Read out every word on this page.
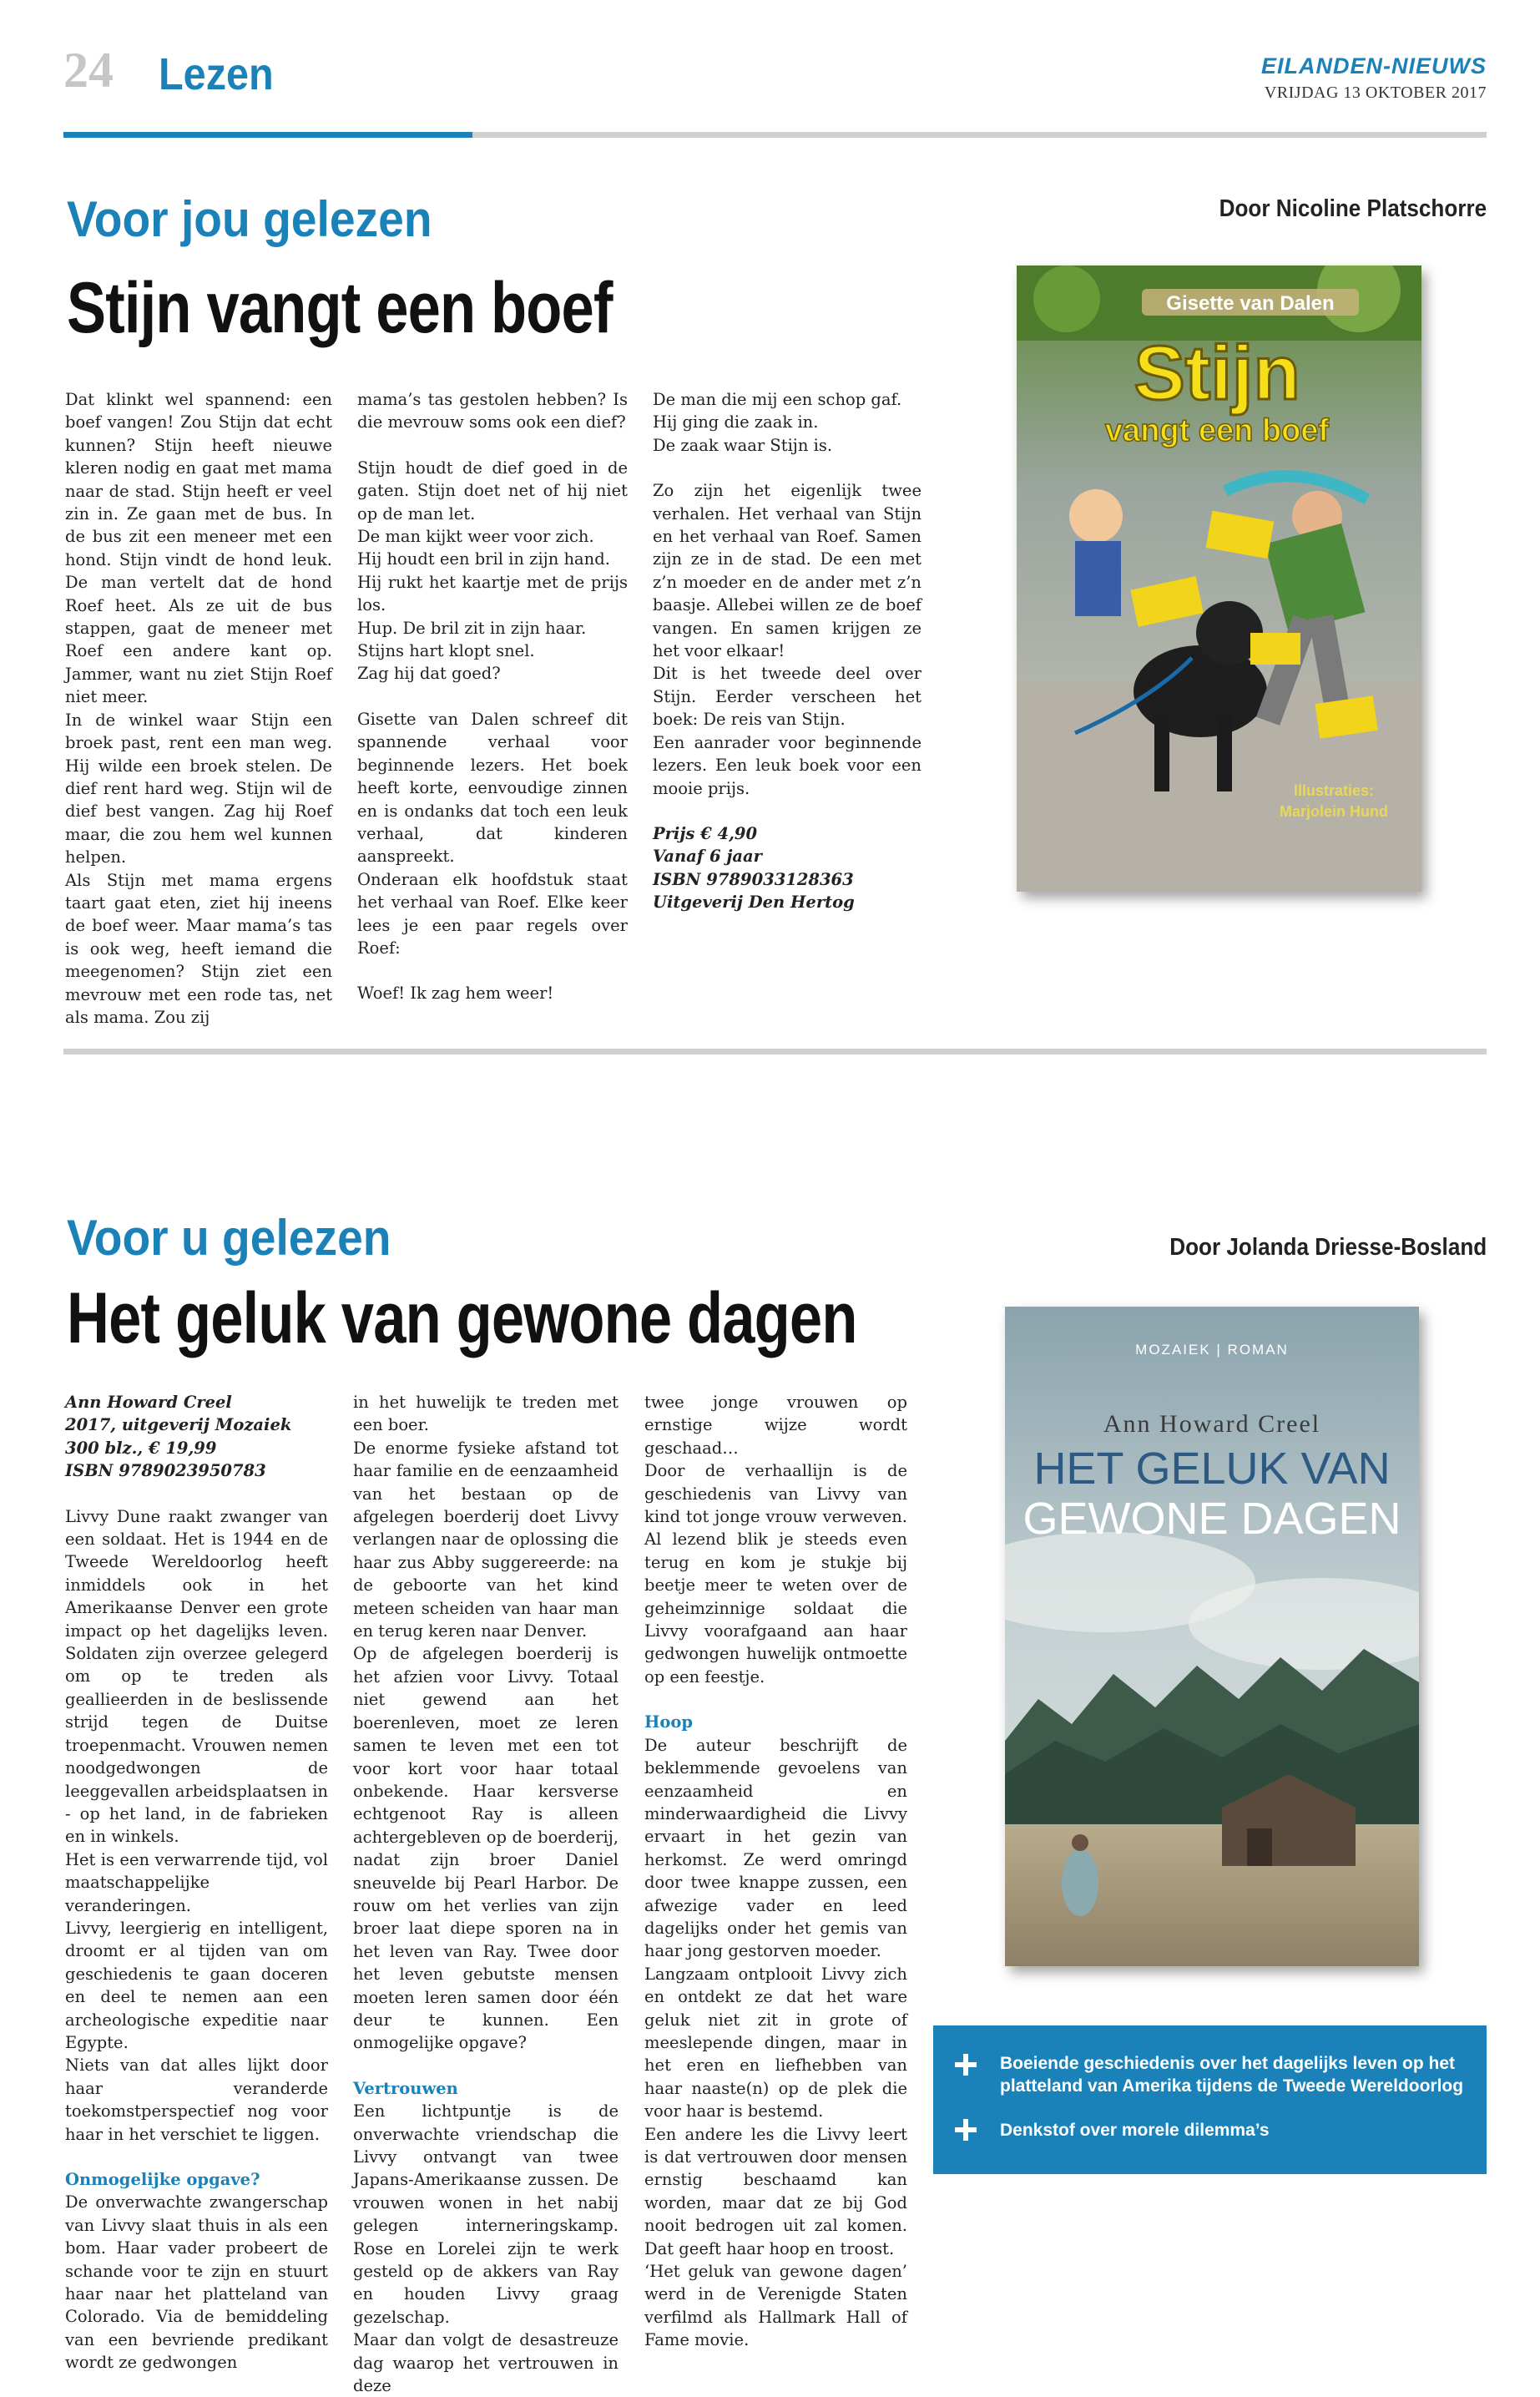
24 Lezen	EILANDEN-NIEUWS
VRIJDAG 13 OKTOBER 2017
Voor jou gelezen
Stijn vangt een boef
Door Nicoline Platschorre

Dat klinkt wel spannend: een boef vangen! Zou Stijn dat echt kunnen? Stijn heeft nieuwe kleren nodig en gaat met mama naar de stad. Stijn heeft er veel zin in. Ze gaan met de bus. In de bus zit een meneer met een hond. Stijn vindt de hond leuk. De man vertelt dat de hond Roef heet. Als ze uit de bus stappen, gaat de meneer met Roef een andere kant op. Jammer, want nu ziet Stijn Roef niet meer.

In de winkel waar Stijn een broek past, rent een man weg. Hij wilde een broek stelen. De dief rent hard weg. Stijn wil de dief best vangen. Zag hij Roef maar, die zou hem wel kunnen helpen.

Als Stijn met mama ergens taart gaat eten, ziet hij ineens de boef weer. Maar mama’s tas is ook weg, heeft iemand die meegenomen? Stijn ziet een mevrouw met een rode tas, net als mama. Zou zij

mama’s tas gestolen hebben? Is die mevrouw soms ook een dief?

Stijn houdt de dief goed in de gaten. Stijn doet net of hij niet op de man let.
De man kijkt weer voor zich.
Hij houdt een bril in zijn hand.
Hij rukt het kaartje met de prijs los.
Hup. De bril zit in zijn haar.
Stijns hart klopt snel.
Zag hij dat goed?

Gisette van Dalen schreef dit spannende verhaal voor beginnende lezers. Het boek heeft korte, eenvoudige zinnen en is ondanks dat toch een leuk verhaal, dat kinderen aanspreekt.
Onderaan elk hoofdstuk staat het verhaal van Roef. Elke keer lees je een paar regels over Roef:

Woef! Ik zag hem weer!

De man die mij een schop gaf.
Hij ging die zaak in.
De zaak waar Stijn is.

Zo zijn het eigenlijk twee verhalen. Het verhaal van Stijn en het verhaal van Roef. Samen zijn ze in de stad. De een met z’n moeder en de ander met z’n baasje. Allebei willen ze de boef vangen. En samen krijgen ze het voor elkaar!
Dit is het tweede deel over Stijn. Eerder verscheen het boek: De reis van Stijn.
Een aanrader voor beginnende lezers. Een leuk boek voor een mooie prijs.

Prijs € 4,90
Vanaf 6 jaar
ISBN 9789033128363
Uitgeverij Den Hertog
Gisette van Dalen
Stijn
vangt een boef
Illustraties:
Marjolein Hund
Voor u gelezen
Het geluk van gewone dagen
Door Jolanda Driesse-Bosland
Ann Howard Creel
2017, uitgeverij Mozaiek
300 blz., € 19,99
ISBN 9789023950783

Livvy Dune raakt zwanger van een soldaat. Het is 1944 en de Tweede Wereldoorlog heeft inmiddels ook in het Amerikaanse Denver een grote impact op het dagelijks leven. Soldaten zijn overzee gelegerd om op te treden als geallieerden in de beslissende strijd tegen de Duitse troepenmacht. Vrouwen nemen noodgedwongen de leeggevallen arbeidsplaatsen in - op het land, in de fabrieken en in winkels.
Het is een verwarrende tijd, vol maatschappelijke veranderingen.
Livvy, leergierig en intelligent, droomt er al tijden van om geschiedenis te gaan doceren en deel te nemen aan een archeologische expeditie naar Egypte.
Niets van dat alles lijkt door haar veranderde toekomstperspectief nog voor haar in het verschiet te liggen.

Onmogelijke opgave?

De onverwachte zwangerschap van Livvy slaat thuis in als een bom. Haar vader probeert de schande voor te zijn en stuurt haar naar het platteland van Colorado. Via de bemiddeling van een bevriende predikant wordt ze gedwongen

in het huwelijk te treden met een boer.
De enorme fysieke afstand tot haar familie en de eenzaamheid van het bestaan op de afgelegen boerderij doet Livvy verlangen naar de oplossing die haar zus Abby suggereerde: na de geboorte van het kind meteen scheiden van haar man en terug keren naar Denver.
Op de afgelegen boerderij is het afzien voor Livvy. Totaal niet gewend aan het boerenleven, moet ze leren samen te leven met een tot voor kort voor haar totaal onbekende. Haar kersverse echtgenoot Ray is alleen achtergebleven op de boerderij, nadat zijn broer Daniel sneuvelde bij Pearl Harbor. De rouw om het verlies van zijn broer laat diepe sporen na in het leven van Ray. Twee door het leven gebutste mensen moeten leren samen door één deur te kunnen. Een onmogelijke opgave?

Vertrouwen

Een lichtpuntje is de onverwachte vriendschap die Livvy ontvangt van twee Japans-Amerikaanse zussen. De vrouwen wonen in het nabij gelegen interneringskamp. Rose en Lorelei zijn te werk gesteld op de akkers van Ray en houden Livvy graag gezelschap.
Maar dan volgt de desastreuze dag waarop het vertrouwen in deze

twee jonge vrouwen op ernstige wijze wordt geschaad…
Door de verhaallijn is de geschiedenis van Livvy van kind tot jonge vrouw verweven. Al lezend blik je steeds even terug en kom je stukje bij beetje meer te weten over de geheimzinnige soldaat die Livvy voorafgaand aan haar gedwongen huwelijk ontmoette op een feestje.

Hoop

De auteur beschrijft de beklemmende gevoelens van eenzaamheid en minderwaardigheid die Livvy ervaart in het gezin van herkomst. Ze werd omringd door twee knappe zussen, een afwezige vader en leed dagelijks onder het gemis van haar jong gestorven moeder.
Langzaam ontplooit Livvy zich en ontdekt ze dat het ware geluk niet zit in grote of meeslepende dingen, maar in het eren en liefhebben van haar naaste(n) op de plek die voor haar is bestemd.
Een andere les die Livvy leert is dat vertrouwen door mensen ernstig beschaamd kan worden, maar dat ze bij God nooit bedrogen uit zal komen. Dat geeft haar hoop en troost.
‘Het geluk van gewone dagen’ werd in de Verenigde Staten verfilmd als Hallmark Hall of Fame movie.

MOZAIEK | ROMAN
Ann Howard Creel
HET GELUK VAN
GEWONE DAGEN
Boeiende geschiedenis over het dagelijks leven op het platteland van Amerika tijdens de Tweede Wereldoorlog
Denkstof over morele dilemma’s
